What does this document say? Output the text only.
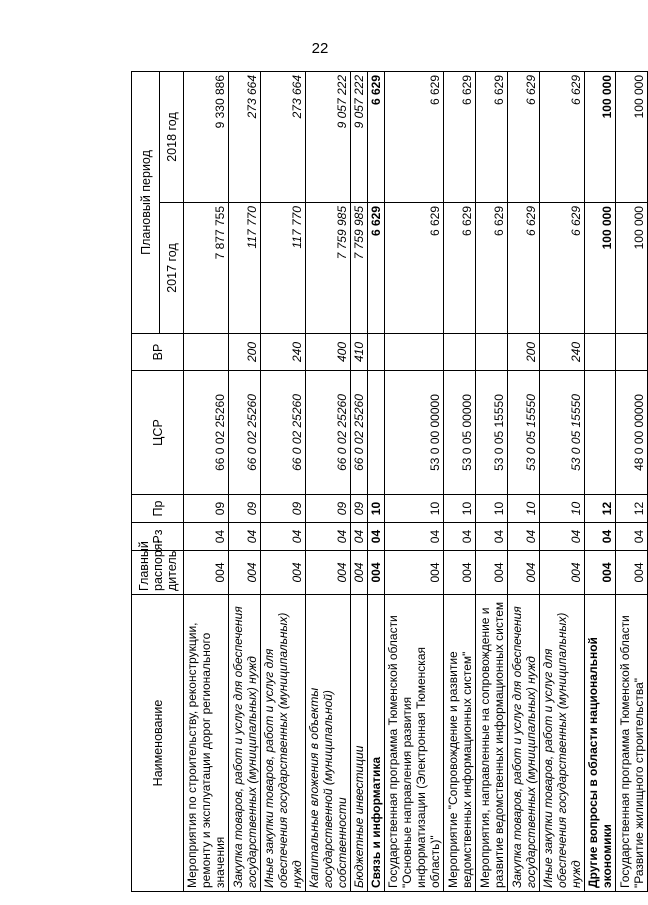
22
Наименование	Главный распоря-дитель	Рз	Пр	ЦСР	ВР	Плановый период	
						2017 год	2018 год
Мероприятия по строительству, реконструкции, ремонту и эксплуатации дорог регионального значения	004	04	09	66 0 02 25260		7 877 755	9 330 886
Закупка товаров, работ и услуг для обеспечения государственных (муниципальных) нужд	004	04	09	66 0 02 25260	200	117 770	273 664
Иные закупки товаров, работ и услуг для обеспечения государственных (муниципальных) нужд	004	04	09	66 0 02 25260	240	117 770	273 664
Капитальные вложения в объекты государственной (муниципальной) собственности	004	04	09	66 0 02 25260	400	7 759 985	9 057 222
Бюджетные инвестиции	004	04	09	66 0 02 25260	410	7 759 985	9 057 222
Связь и информатика	004	04	10			6 629	6 629
Государственная программа Тюменской области "Основные направления развития информатизации (Электронная Тюменская область)"	004	04	10	53 0 00 00000		6 629	6 629
Мероприятие "Сопровождение и развитие ведомственных информационных систем"	004	04	10	53 0 05 00000		6 629	6 629
Мероприятия, направленные на сопровождение и развитие ведомственных информационных систем	004	04	10	53 0 05 15550		6 629	6 629
Закупка товаров, работ и услуг для обеспечения государственных (муниципальных) нужд	004	04	10	53 0 05 15550	200	6 629	6 629
Иные закупки товаров, работ и услуг для обеспечения государственных (муниципальных) нужд	004	04	10	53 0 05 15550	240	6 629	6 629
Другие вопросы в области национальной экономики	004	04	12			100 000	100 000
Государственная программа Тюменской области "Развитие жилищного строительства"	004	04	12	48 0 00 00000		100 000	100 000
